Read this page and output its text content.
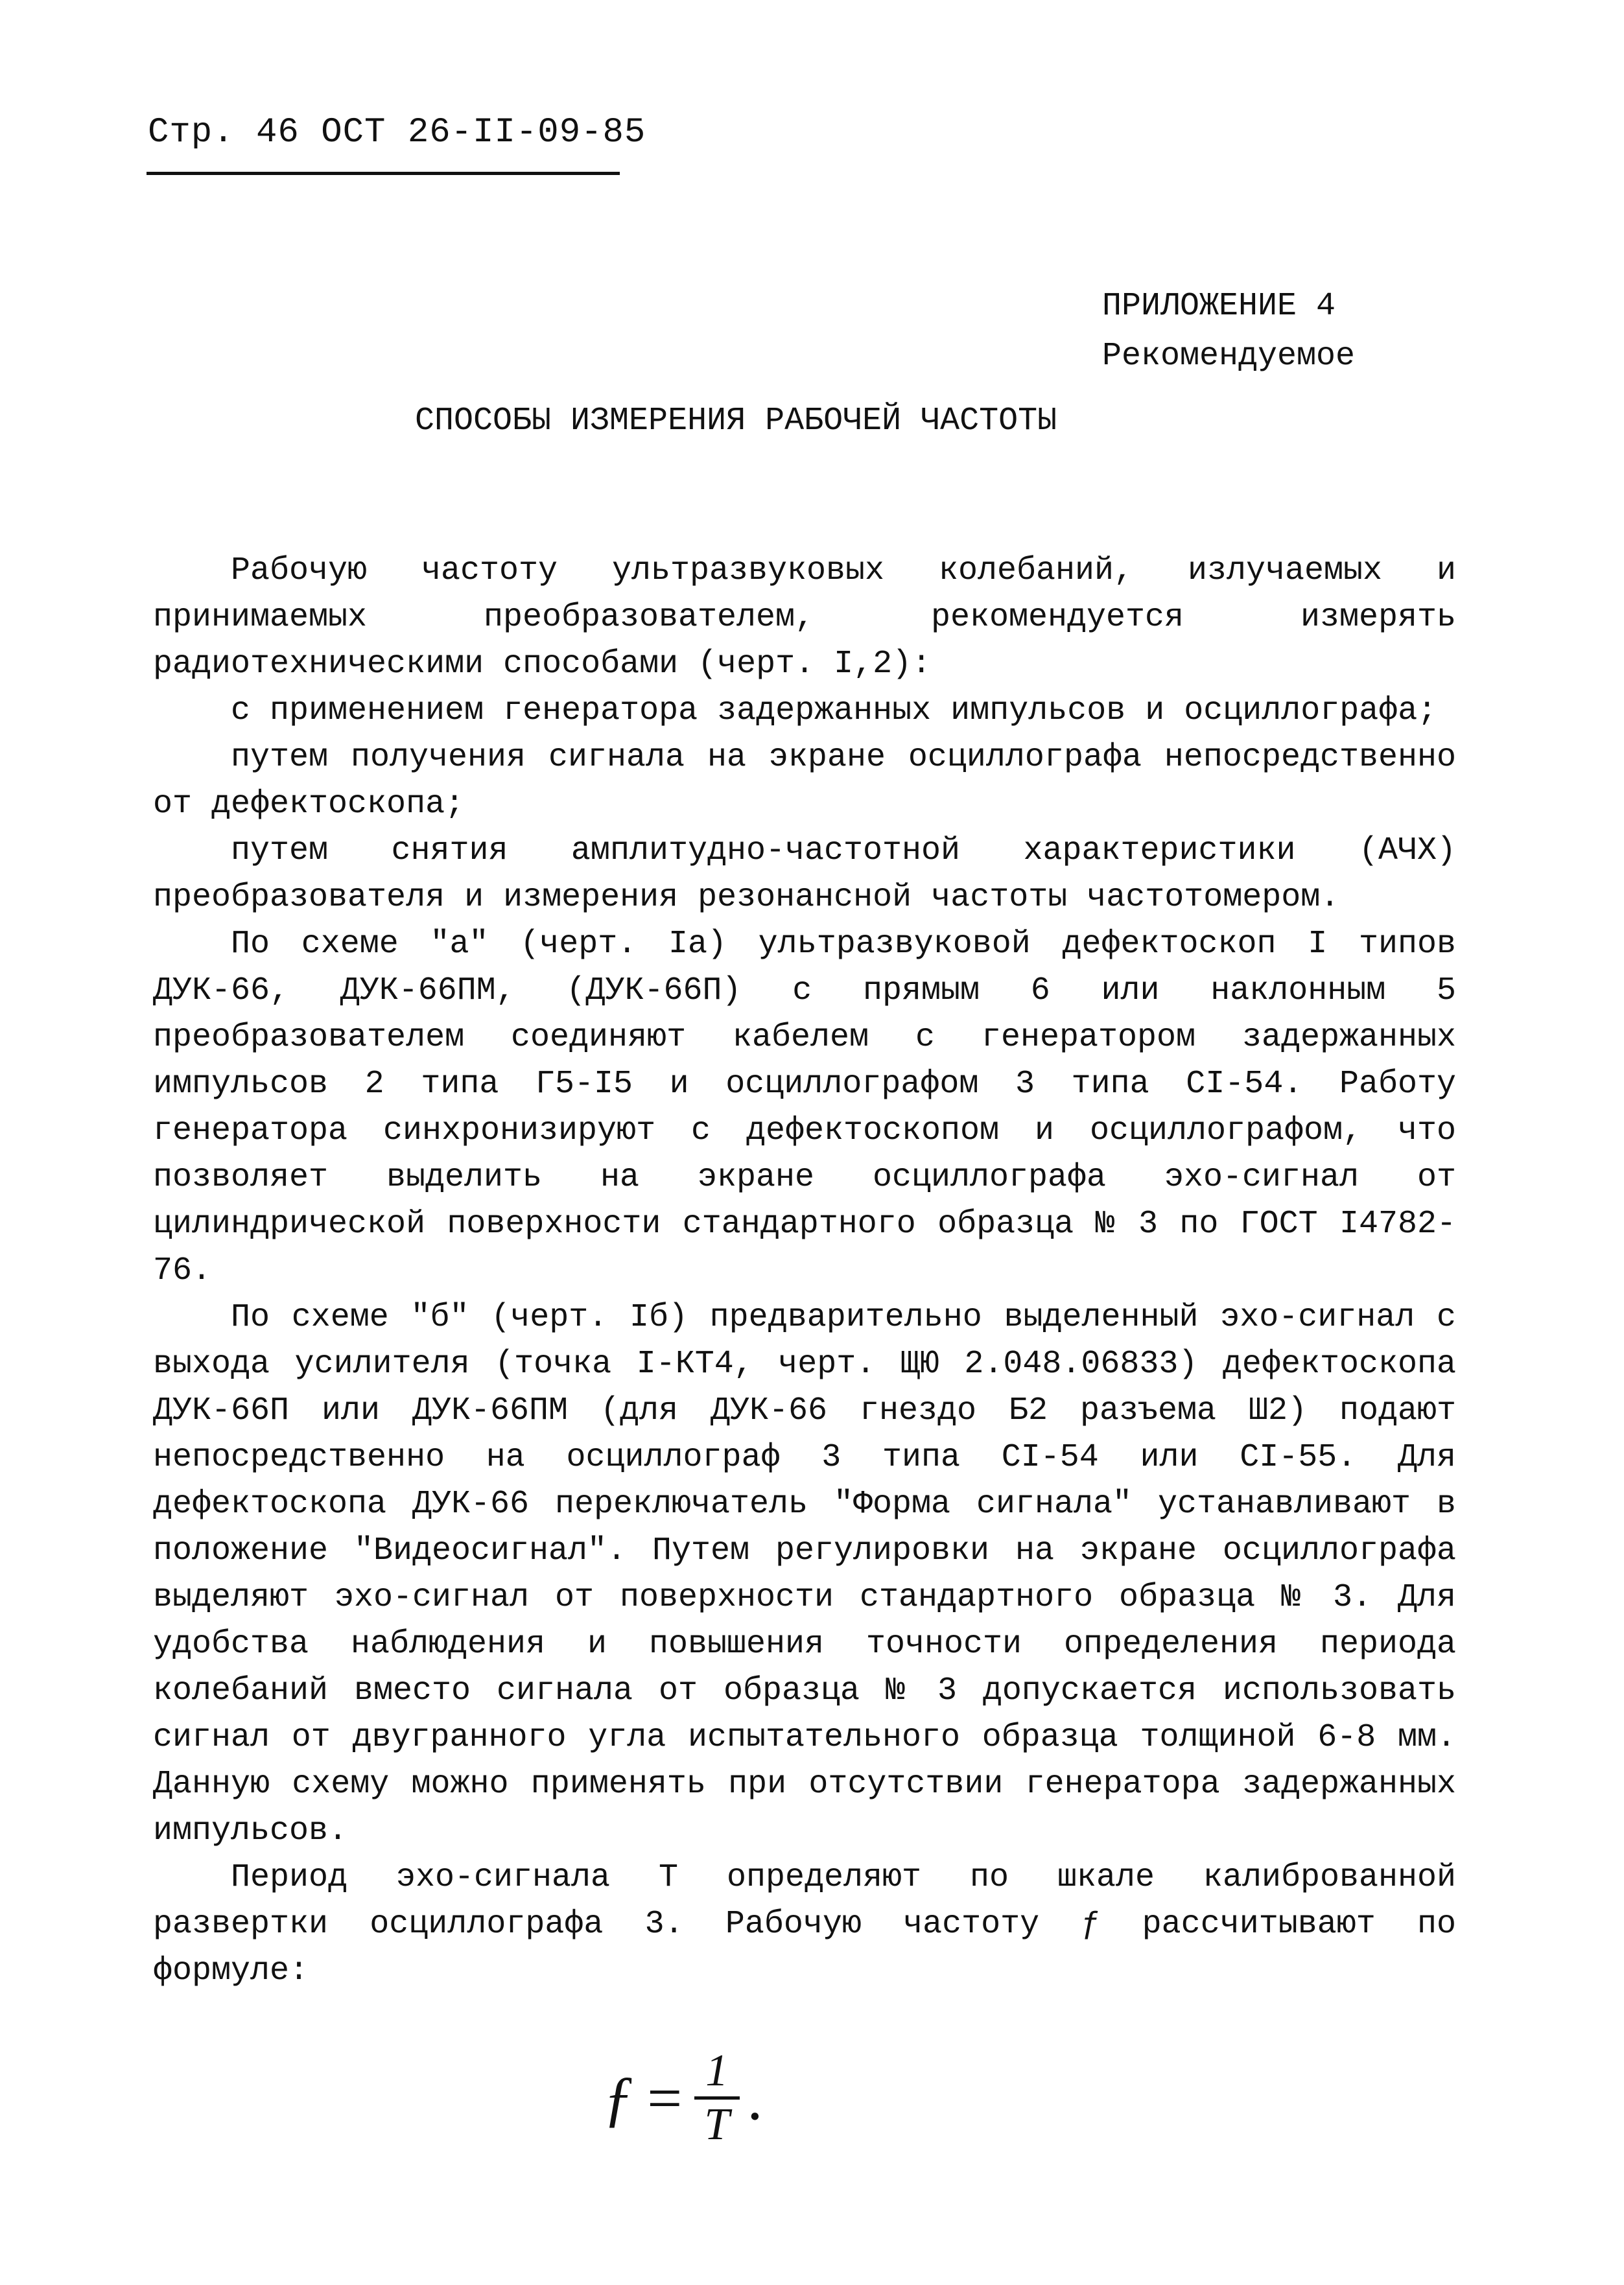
Стр. 46 ОСТ 26-II-09-85
ПРИЛОЖЕНИЕ 4
Рекомендуемое
СПОСОБЫ ИЗМЕРЕНИЯ РАБОЧЕЙ ЧАСТОТЫ

Рабочую частоту ультразвуковых колебаний, излучаемых и принимаемых преобразователем, рекомендуется измерять радиотехническими способами (черт. I,2):

с применением генератора задержанных импульсов и осциллографа;

путем получения сигнала на экране осциллографа непосредственно от дефектоскопа;

путем снятия амплитудно-частотной характеристики (АЧХ) преобразователя и измерения резонансной частоты частотомером.

По схеме "а" (черт. Iа) ультразвуковой дефектоскоп I типов ДУК-66, ДУК-66ПМ, (ДУК-66П) с прямым 6 или наклонным 5 преобразователем соединяют кабелем с генератором задержанных импульсов 2 типа Г5-I5 и осциллографом 3 типа CI-54. Работу генератора синхронизируют с дефектоскопом и осциллографом, что позволяет выделить на экране осциллографа эхо-сигнал от цилиндрической поверхности стандартного образца № 3 по ГОСТ I4782-76.

По схеме "б" (черт. Iб) предварительно выделенный эхо-сигнал с выхода усилителя (точка I-КТ4, черт. ЩЮ 2.048.06833) дефектоскопа ДУК-66П или ДУК-66ПМ (для ДУК-66 гнездо Б2 разъема Ш2) подают непосредственно на осциллограф 3 типа CI-54 или CI-55. Для дефектоскопа ДУК-66 переключатель "Форма сигнала" устанавливают в положение "Видеосигнал". Путем регулировки на экране осциллографа выделяют эхо-сигнал от поверхности стандартного образца № 3. Для удобства наблюдения и повышения точности определения периода колебаний вместо сигнала от образца № 3 допускается использовать сигнал от двугранного угла испытательного образца толщиной 6-8 мм. Данную схему можно применять при отсутствии генератора задержанных импульсов.

Период эхо-сигнала Т определяют по шкале калиброванной развертки осциллографа 3. Рабочую частоту ƒ рассчитывают по формуле:

ƒ = 1
T .
